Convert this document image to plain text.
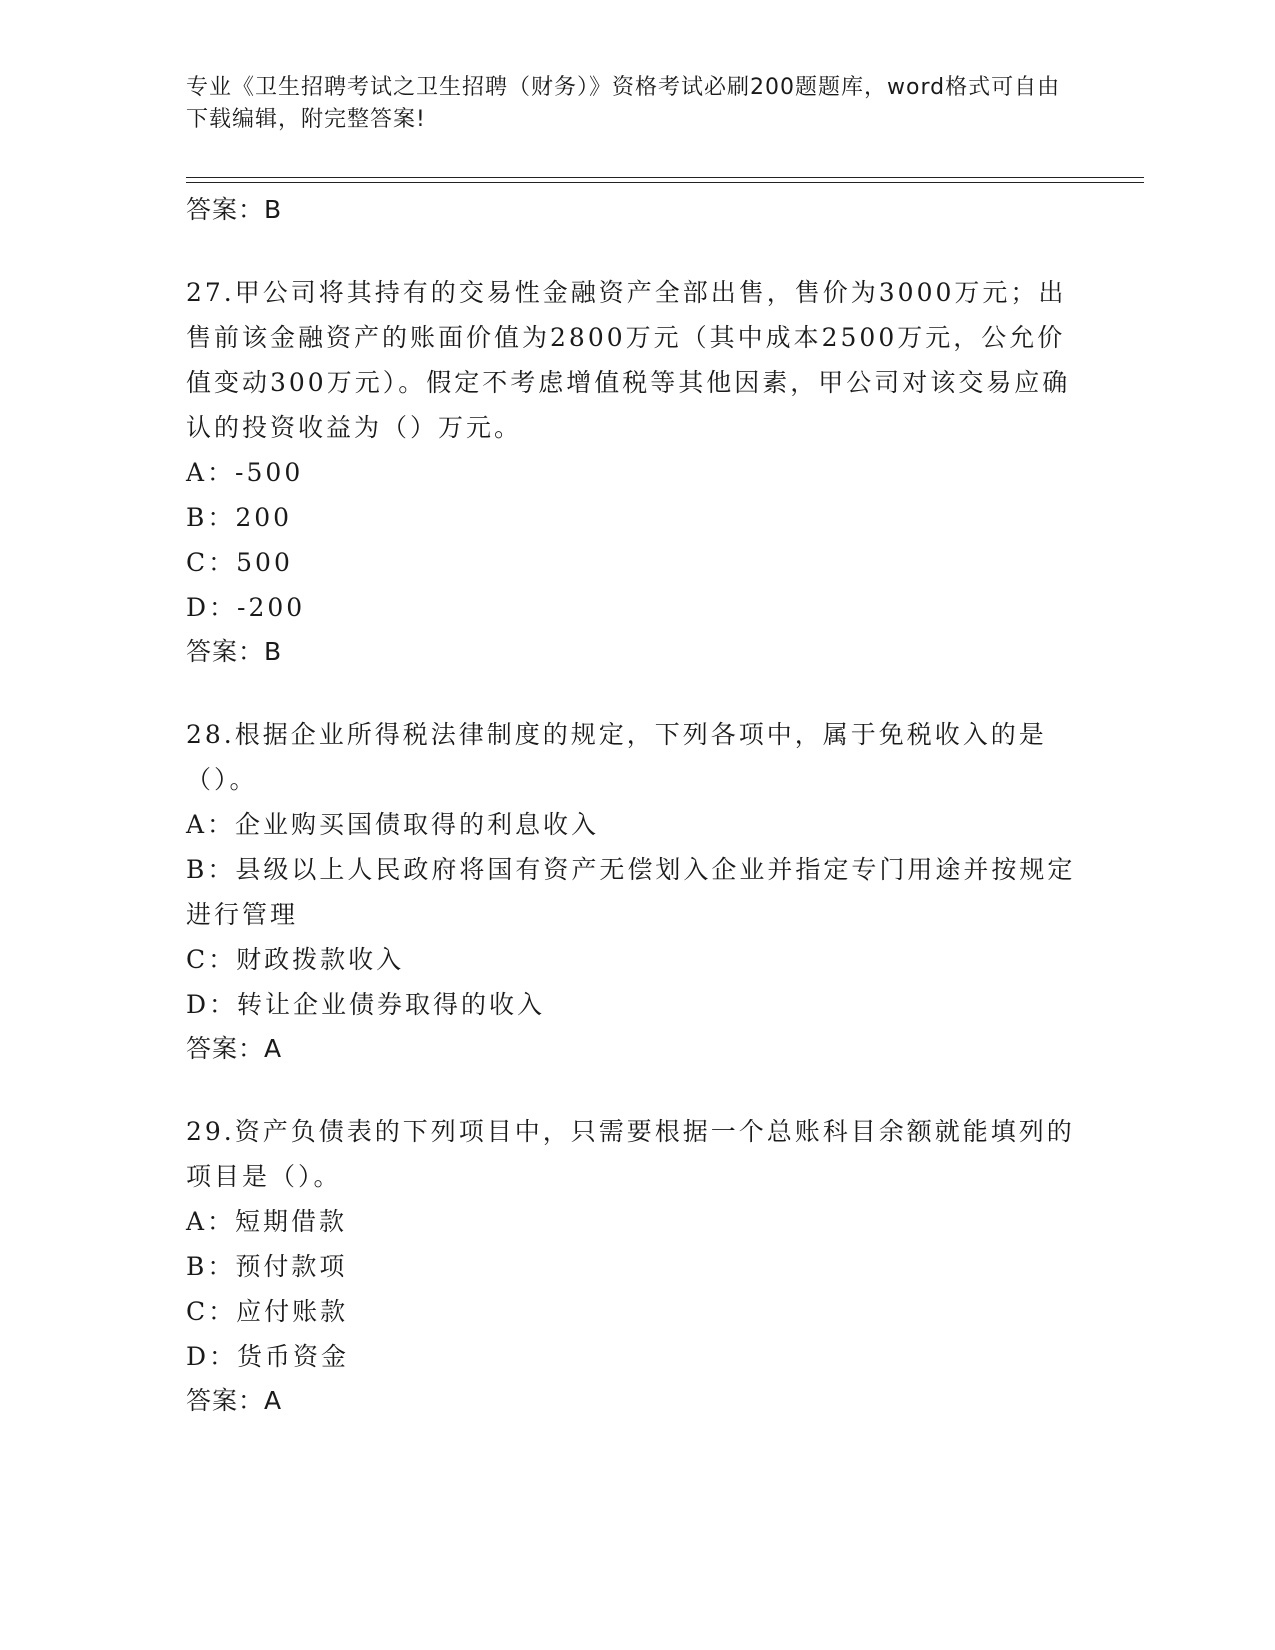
专业《卫生招聘考试之卫生招聘（财务）》资格考试必刷200题题库，word格式可自由下载编辑，附完整答案!
答案：B
27.甲公司将其持有的交易性金融资产全部出售，售价为3000万元；出售前该金融资产的账面价值为2800万元（其中成本2500万元，公允价值变动300万元）。假定不考虑增值税等其他因素，甲公司对该交易应确认的投资收益为（）万元。
A：-500
B：200
C：500
D：-200
答案：B
28.根据企业所得税法律制度的规定，下列各项中，属于免税收入的是（）。
A：企业购买国债取得的利息收入
B：县级以上人民政府将国有资产无偿划入企业并指定专门用途并按规定进行管理
C：财政拨款收入
D：转让企业债券取得的收入
答案：A
29.资产负债表的下列项目中，只需要根据一个总账科目余额就能填列的项目是（）。
A：短期借款
B：预付款项
C：应付账款
D：货币资金
答案：A
